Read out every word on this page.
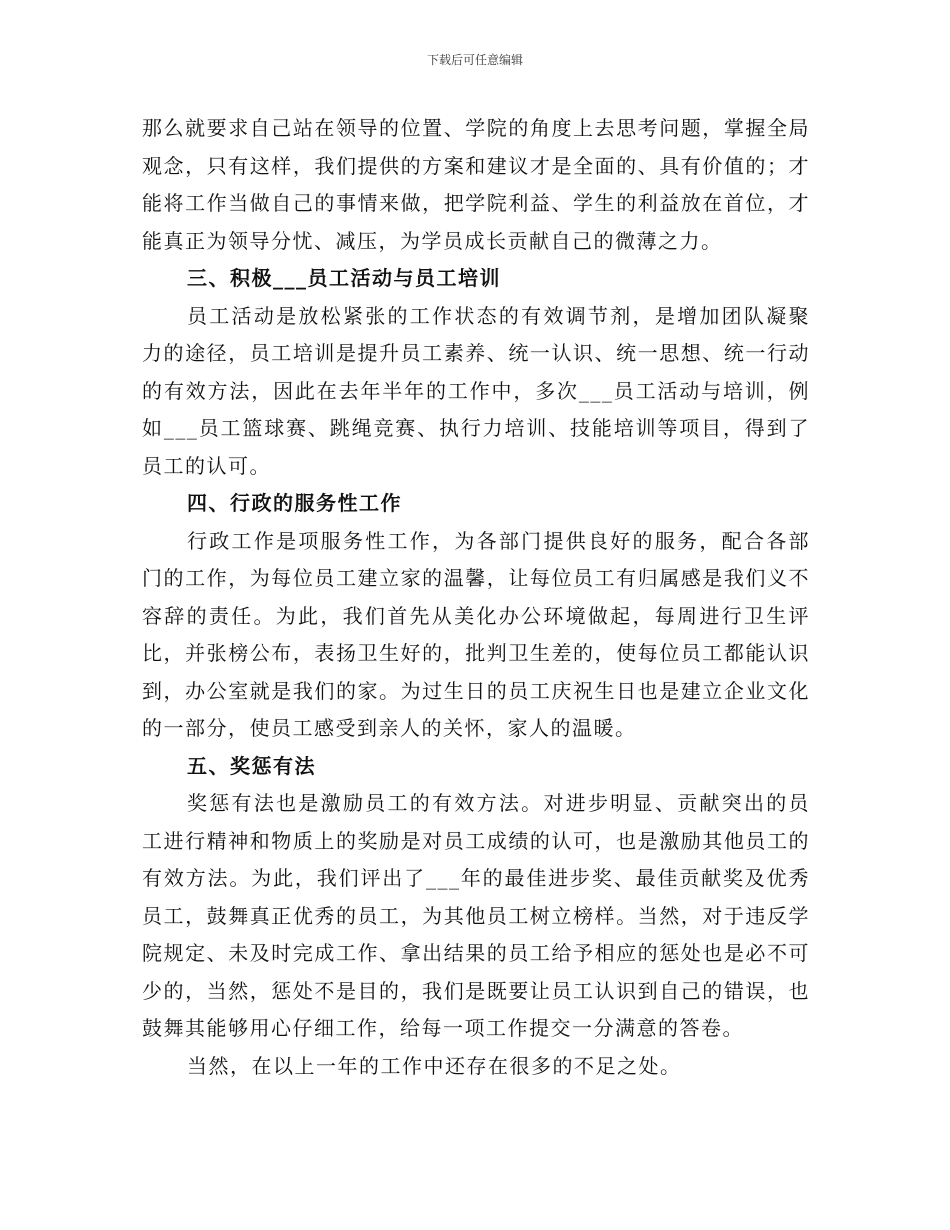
下载后可任意编辑

那么就要求自己站在领导的位置、学院的角度上去思考问题，掌握全局观念，只有这样，我们提供的方案和建议才是全面的、具有价值的；才能将工作当做自己的事情来做，把学院利益、学生的利益放在首位，才能真正为领导分忧、减压，为学员成长贡献自己的微薄之力。

三、积极___员工活动与员工培训

员工活动是放松紧张的工作状态的有效调节剂，是增加团队凝聚力的途径，员工培训是提升员工素养、统一认识、统一思想、统一行动的有效方法，因此在去年半年的工作中，多次___员工活动与培训，例如___员工篮球赛、跳绳竞赛、执行力培训、技能培训等项目，得到了员工的认可。

四、行政的服务性工作

行政工作是项服务性工作，为各部门提供良好的服务，配合各部门的工作，为每位员工建立家的温馨，让每位员工有归属感是我们义不容辞的责任。为此，我们首先从美化办公环境做起，每周进行卫生评比，并张榜公布，表扬卫生好的，批判卫生差的，使每位员工都能认识到，办公室就是我们的家。为过生日的员工庆祝生日也是建立企业文化的一部分，使员工感受到亲人的关怀，家人的温暖。

五、奖惩有法

奖惩有法也是激励员工的有效方法。对进步明显、贡献突出的员工进行精神和物质上的奖励是对员工成绩的认可，也是激励其他员工的有效方法。为此，我们评出了___年的最佳进步奖、最佳贡献奖及优秀员工，鼓舞真正优秀的员工，为其他员工树立榜样。当然，对于违反学院规定、未及时完成工作、拿出结果的员工给予相应的惩处也是必不可少的，当然，惩处不是目的，我们是既要让员工认识到自己的错误，也鼓舞其能够用心仔细工作，给每一项工作提交一分满意的答卷。

当然，在以上一年的工作中还存在很多的不足之处。
